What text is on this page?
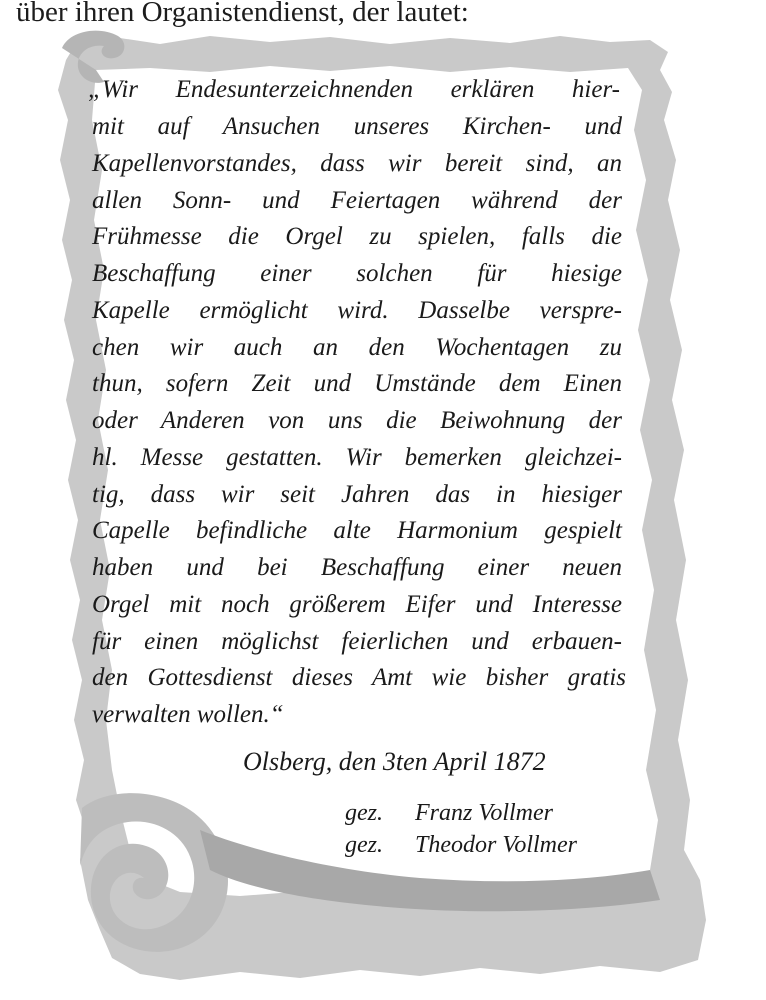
über ihren Organistendienst, der lautet:
„Wir Endesunterzeichnenden erklären hier-
mit auf Ansuchen unseres Kirchen- und
Kapellenvorstandes, dass wir bereit sind, an
allen Sonn- und Feiertagen während der
Frühmesse die Orgel zu spielen, falls die
Beschaffung einer solchen für hiesige
Kapelle ermöglicht wird. Dasselbe verspre-
chen wir auch an den Wochentagen zu
thun, sofern Zeit und Umstände dem Einen
oder Anderen von uns die Beiwohnung der
hl. Messe gestatten. Wir bemerken gleichzei-
tig, dass wir seit Jahren das in hiesiger
Capelle befindliche alte Harmonium gespielt
haben und bei Beschaffung einer neuen
Orgel mit noch größerem Eifer und Interesse
für einen möglichst feierlichen und erbauen-
den Gottesdienst dieses Amt wie bisher gratis
verwalten wollen.“
Olsberg, den 3ten April 1872
gez. Franz Vollmer
gez. Theodor Vollmer
